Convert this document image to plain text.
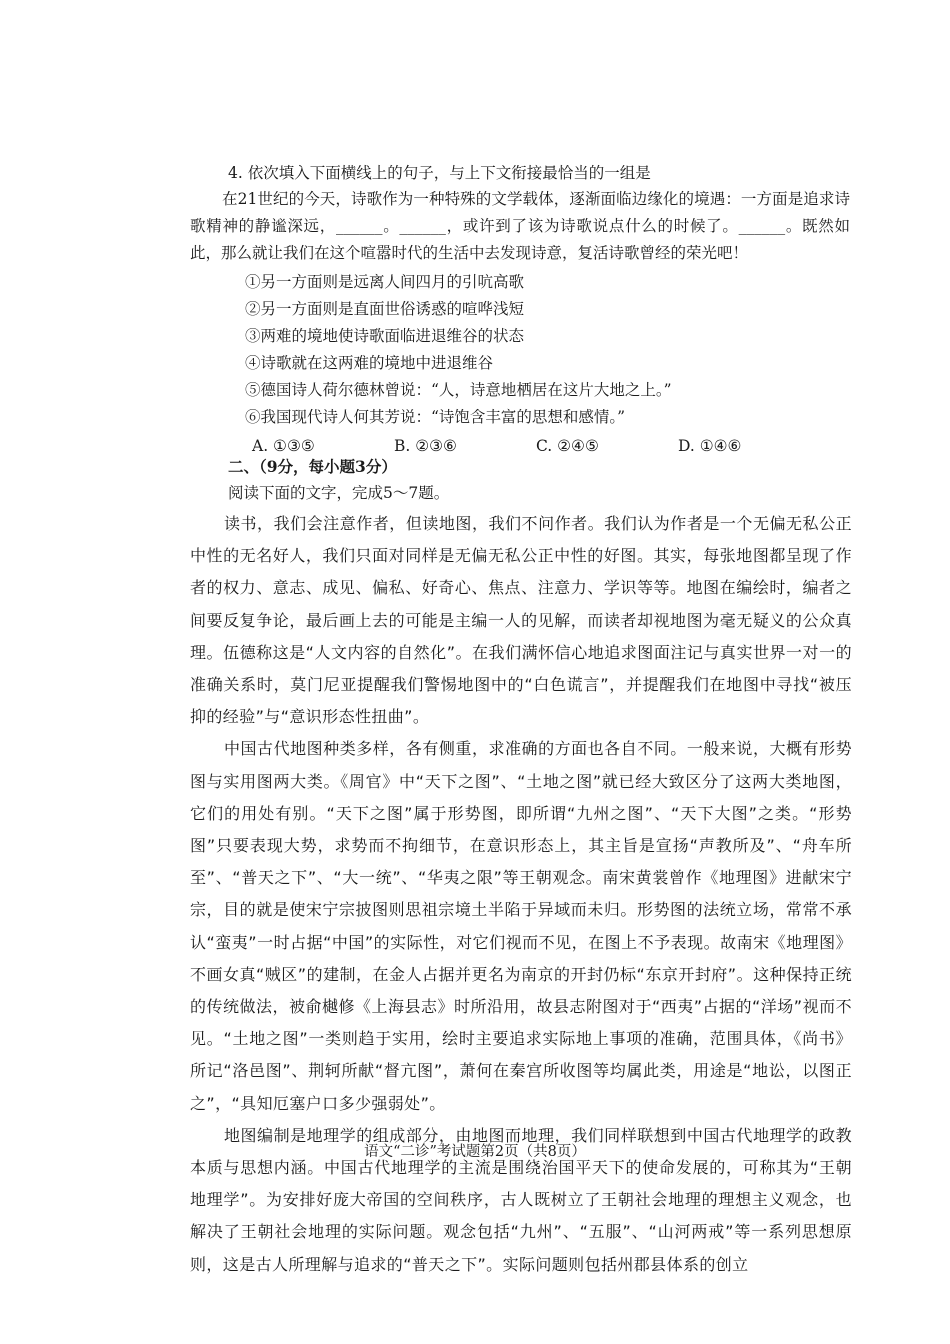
4. 依次填入下面横线上的句子，与上下文衔接最恰当的一组是

在21世纪的今天，诗歌作为一种特殊的文学载体，逐渐面临边缘化的境遇：一方面是追求诗歌精神的静谧深远，______。______，或许到了该为诗歌说点什么的时候了。______。既然如此，那么就让我们在这个喧嚣时代的生活中去发现诗意，复活诗歌曾经的荣光吧！

①另一方面则是远离人间四月的引吭高歌
②另一方面则是直面世俗诱惑的喧哗浅短
③两难的境地使诗歌面临进退维谷的状态
④诗歌就在这两难的境地中进退维谷
⑤德国诗人荷尔德林曾说：“人，诗意地栖居在这片大地之上。”
⑥我国现代诗人何其芳说：“诗饱含丰富的思想和感情。”
A. ①③⑤	B. ②③⑥	C. ②④⑤	D. ①④⑥
二、（9分，每小题3分）
阅读下面的文字，完成5～7题。

读书，我们会注意作者，但读地图，我们不问作者。我们认为作者是一个无偏无私公正中性的无名好人，我们只面对同样是无偏无私公正中性的好图。其实，每张地图都呈现了作者的权力、意志、成见、偏私、好奇心、焦点、注意力、学识等等。地图在编绘时，编者之间要反复争论，最后画上去的可能是主编一人的见解，而读者却视地图为毫无疑义的公众真理。伍德称这是“人文内容的自然化”。在我们满怀信心地追求图面注记与真实世界一对一的准确关系时，莫门尼亚提醒我们警惕地图中的“白色谎言”，并提醒我们在地图中寻找“被压抑的经验”与“意识形态性扭曲”。

中国古代地图种类多样，各有侧重，求准确的方面也各自不同。一般来说，大概有形势图与实用图两大类。《周官》中“天下之图”、“土地之图”就已经大致区分了这两大类地图，它们的用处有别。“天下之图”属于形势图，即所谓“九州之图”、“天下大图”之类。“形势图”只要表现大势，求势而不拘细节，在意识形态上，其主旨是宣扬“声教所及”、“舟车所至”、“普天之下”、“大一统”、“华夷之限”等王朝观念。南宋黄裳曾作《地理图》进献宋宁宗，目的就是使宋宁宗披图则思祖宗境土半陷于异域而未归。形势图的法统立场，常常不承认“蛮夷”一时占据“中国”的实际性，对它们视而不见，在图上不予表现。故南宋《地理图》不画女真“贼区”的建制，在金人占据并更名为南京的开封仍标“东京开封府”。这种保持正统的传统做法，被俞樾修《上海县志》时所沿用，故县志附图对于“西夷”占据的“洋场”视而不见。“土地之图”一类则趋于实用，绘时主要追求实际地上事项的准确，范围具体，《尚书》所记“洛邑图”、荆轲所献“督亢图”，萧何在秦宫所收图等均属此类，用途是“地讼，以图正之”，“具知厄塞户口多少强弱处”。

地图编制是地理学的组成部分，由地图而地理，我们同样联想到中国古代地理学的政教本质与思想内涵。中国古代地理学的主流是围绕治国平天下的使命发展的，可称其为“王朝地理学”。为安排好庞大帝国的空间秩序，古人既树立了王朝社会地理的理想主义观念，也解决了王朝社会地理的实际问题。观念包括“九州”、“五服”、“山河两戒”等一系列思想原则，这是古人所理解与追求的“普天之下”。实际问题则包括州郡县体系的创立

语文“二诊”考试题第2页（共8页）
